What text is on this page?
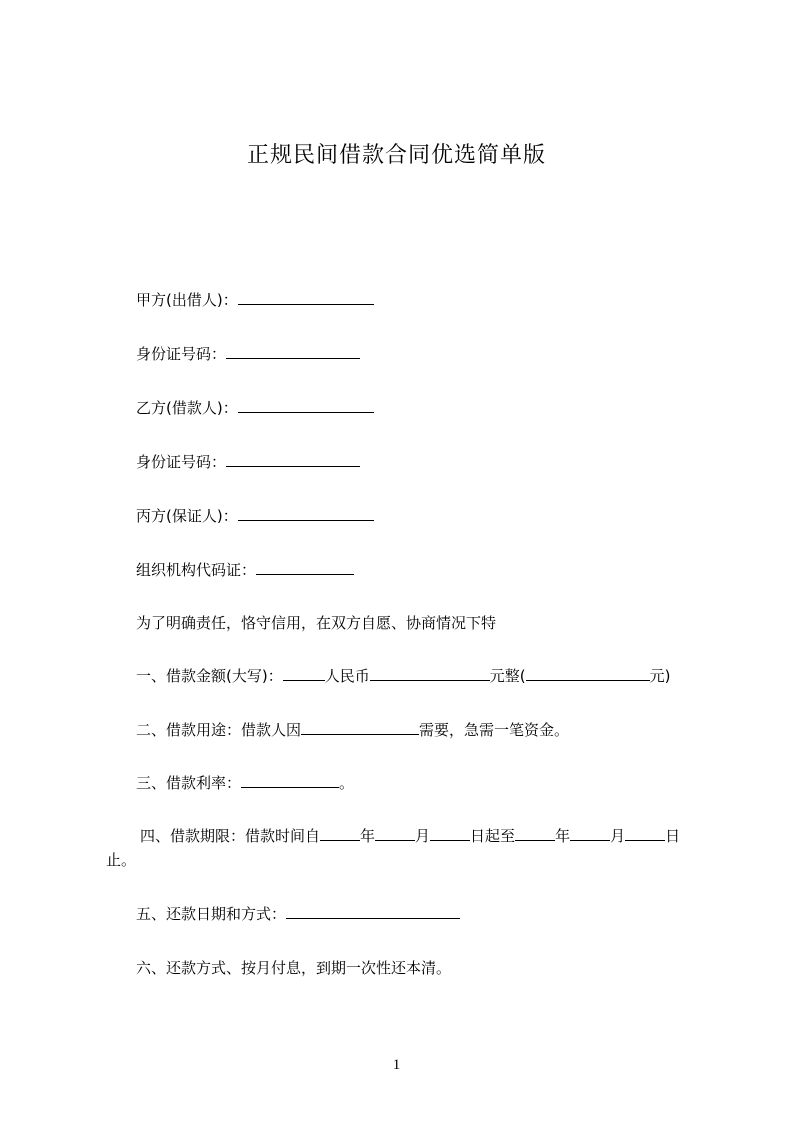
正规民间借款合同优选简单版
甲方(出借人)：
身份证号码：
乙方(借款人)：
身份证号码：
丙方(保证人)：
组织机构代码证：
为了明确责任，恪守信用，在双方自愿、协商情况下特
一、借款金额(大写)：	人民币	元整(	元)
二、借款用途：借款人因	需要，急需一笔资金。
三、借款利率：	。
四、借款期限：借款时间自	年	月	日起至	年	月	日
止。
五、还款日期和方式：
六、还款方式、按月付息，到期一次性还本清。
1
